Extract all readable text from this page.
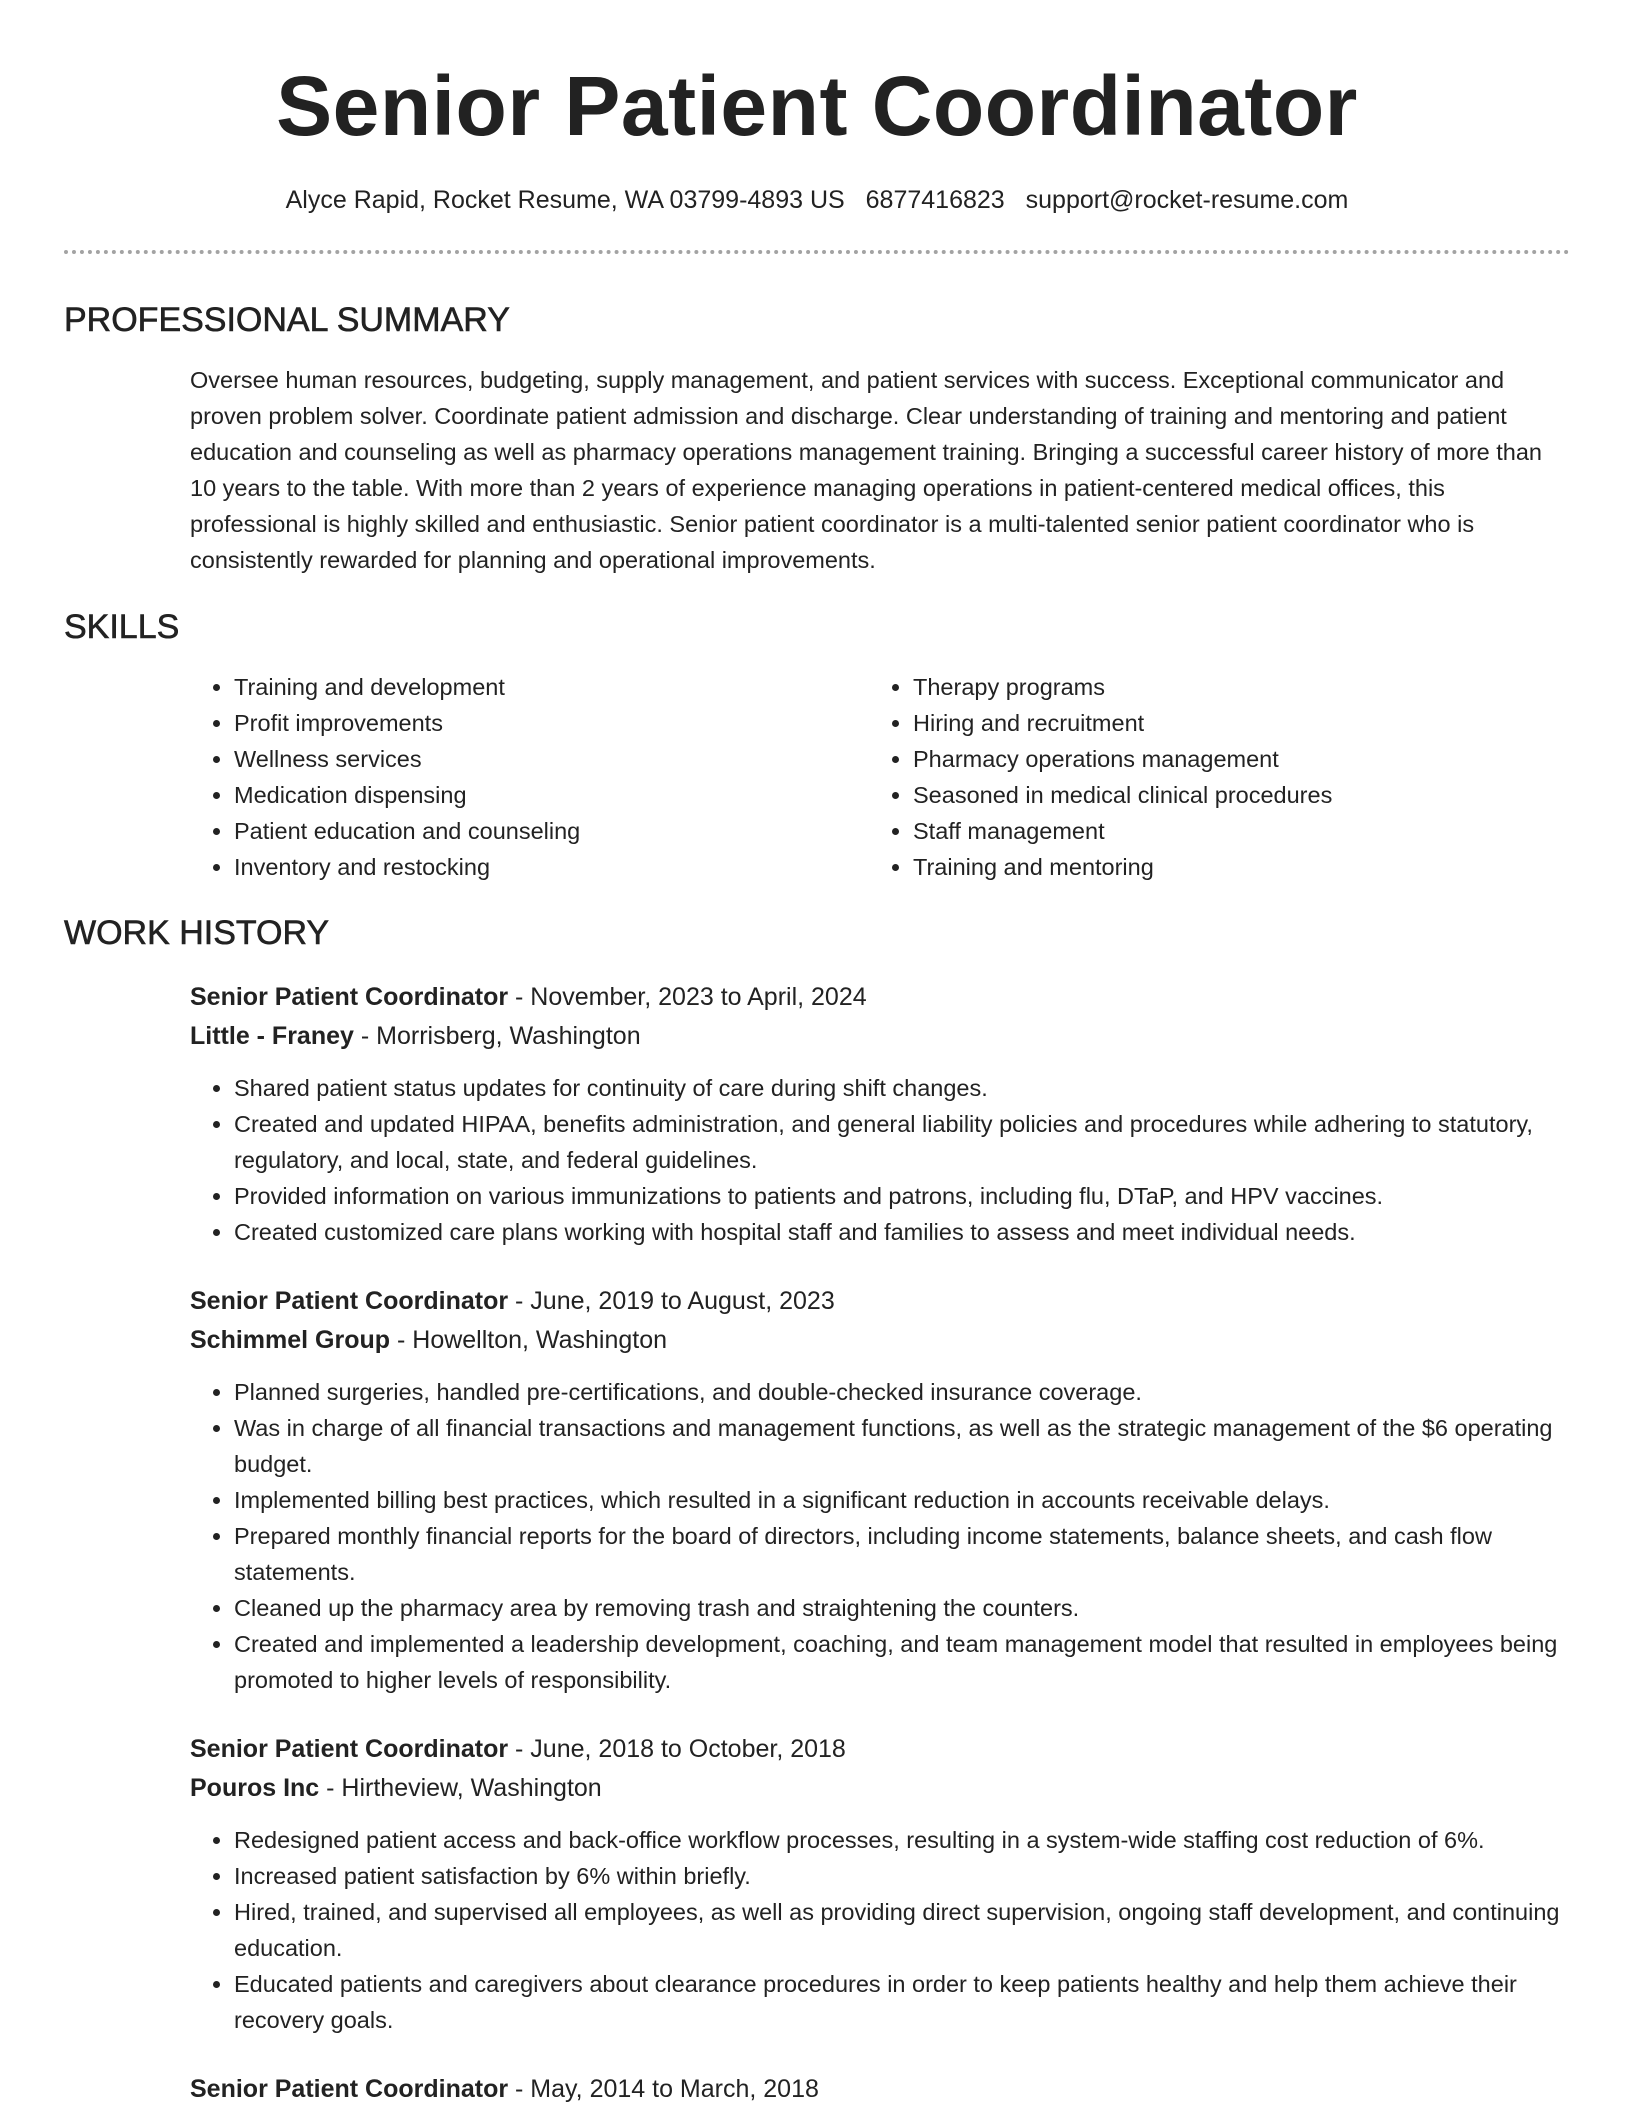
Senior Patient Coordinator
Alyce Rapid, Rocket Resume, WA 03799-4893 US 6877416823 support@rocket-resume.com
PROFESSIONAL SUMMARY
Oversee human resources, budgeting, supply management, and patient services with success. Exceptional communicator and proven problem solver. Coordinate patient admission and discharge. Clear understanding of training and mentoring and patient education and counseling as well as pharmacy operations management training. Bringing a successful career history of more than 10 years to the table. With more than 2 years of experience managing operations in patient-centered medical offices, this professional is highly skilled and enthusiastic. Senior patient coordinator is a multi-talented senior patient coordinator who is consistently rewarded for planning and operational improvements.
SKILLS
• Training and development
• Profit improvements
• Wellness services
• Medication dispensing
• Patient education and counseling
• Inventory and restocking
• Therapy programs
• Hiring and recruitment
• Pharmacy operations management
• Seasoned in medical clinical procedures
• Staff management
• Training and mentoring
WORK HISTORY
Senior Patient Coordinator - November, 2023 to April, 2024
Little - Franey - Morrisberg, Washington
• Shared patient status updates for continuity of care during shift changes.
• Created and updated HIPAA, benefits administration, and general liability policies and procedures while adhering to statutory, regulatory, and local, state, and federal guidelines.
• Provided information on various immunizations to patients and patrons, including flu, DTaP, and HPV vaccines.
• Created customized care plans working with hospital staff and families to assess and meet individual needs.
Senior Patient Coordinator - June, 2019 to August, 2023
Schimmel Group - Howellton, Washington
• Planned surgeries, handled pre-certifications, and double-checked insurance coverage.
• Was in charge of all financial transactions and management functions, as well as the strategic management of the $6 operating budget.
• Implemented billing best practices, which resulted in a significant reduction in accounts receivable delays.
• Prepared monthly financial reports for the board of directors, including income statements, balance sheets, and cash flow statements.
• Cleaned up the pharmacy area by removing trash and straightening the counters.
• Created and implemented a leadership development, coaching, and team management model that resulted in employees being promoted to higher levels of responsibility.
Senior Patient Coordinator - June, 2018 to October, 2018
Pouros Inc - Hirtheview, Washington
• Redesigned patient access and back-office workflow processes, resulting in a system-wide staffing cost reduction of 6%.
• Increased patient satisfaction by 6% within briefly.
• Hired, trained, and supervised all employees, as well as providing direct supervision, ongoing staff development, and continuing education.
• Educated patients and caregivers about clearance procedures in order to keep patients healthy and help them achieve their recovery goals.
Senior Patient Coordinator - May, 2014 to March, 2018
